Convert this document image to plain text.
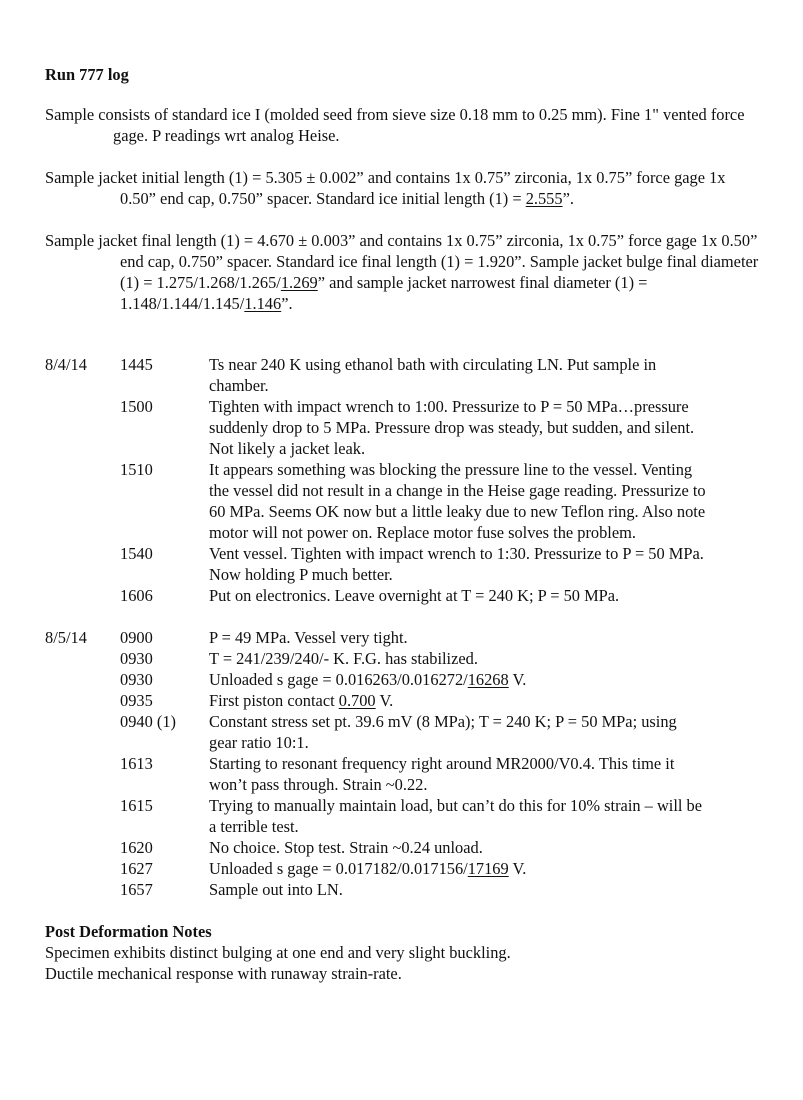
Run 777 log

Sample consists of standard ice I (molded seed from sieve size 0.18 mm to 0.25 mm). Fine 1" vented force gage. P readings wrt analog Heise.

Sample jacket initial length (1) = 5.305 ± 0.002” and contains 1x 0.75” zirconia, 1x 0.75” force gage 1x 0.50” end cap, 0.750” spacer. Standard ice initial length (1) = 2.555”.

Sample jacket final length (1) = 4.670 ± 0.003” and contains 1x 0.75” zirconia, 1x 0.75” force gage 1x 0.50” end cap, 0.750” spacer. Standard ice final length (1) = 1.920”. Sample jacket bulge final diameter (1) = 1.275/1.268/1.265/1.269” and sample jacket narrowest final diameter (1) = 1.148/1.144/1.145/1.146”.

8/4/14	1445	Ts near 240 K using ethanol bath with circulating LN. Put sample in chamber.
1500	Tighten with impact wrench to 1:00. Pressurize to P = 50 MPa…pressure suddenly drop to 5 MPa. Pressure drop was steady, but sudden, and silent. Not likely a jacket leak.
1510	It appears something was blocking the pressure line to the vessel. Venting the vessel did not result in a change in the Heise gage reading. Pressurize to 60 MPa. Seems OK now but a little leaky due to new Teflon ring. Also note motor will not power on. Replace motor fuse solves the problem.
1540	Vent vessel. Tighten with impact wrench to 1:30. Pressurize to P = 50 MPa. Now holding P much better.
1606	Put on electronics. Leave overnight at T = 240 K; P = 50 MPa.
8/5/14	0900	P = 49 MPa. Vessel very tight.
0930	T = 241/239/240/- K. F.G. has stabilized.
0930	Unloaded s gage = 0.016263/0.016272/16268 V.
0935	First piston contact 0.700 V.
0940 (1)	Constant stress set pt. 39.6 mV (8 MPa); T = 240 K; P = 50 MPa; using gear ratio 10:1.
1613	Starting to resonant frequency right around MR2000/V0.4. This time it won’t pass through. Strain ~0.22.
1615	Trying to manually maintain load, but can’t do this for 10% strain – will be a terrible test.
1620	No choice. Stop test. Strain ~0.24 unload.
1627	Unloaded s gage = 0.017182/0.017156/17169 V.
1657	Sample out into LN.
Post Deformation Notes

Specimen exhibits distinct bulging at one end and very slight buckling.

Ductile mechanical response with runaway strain-rate.
